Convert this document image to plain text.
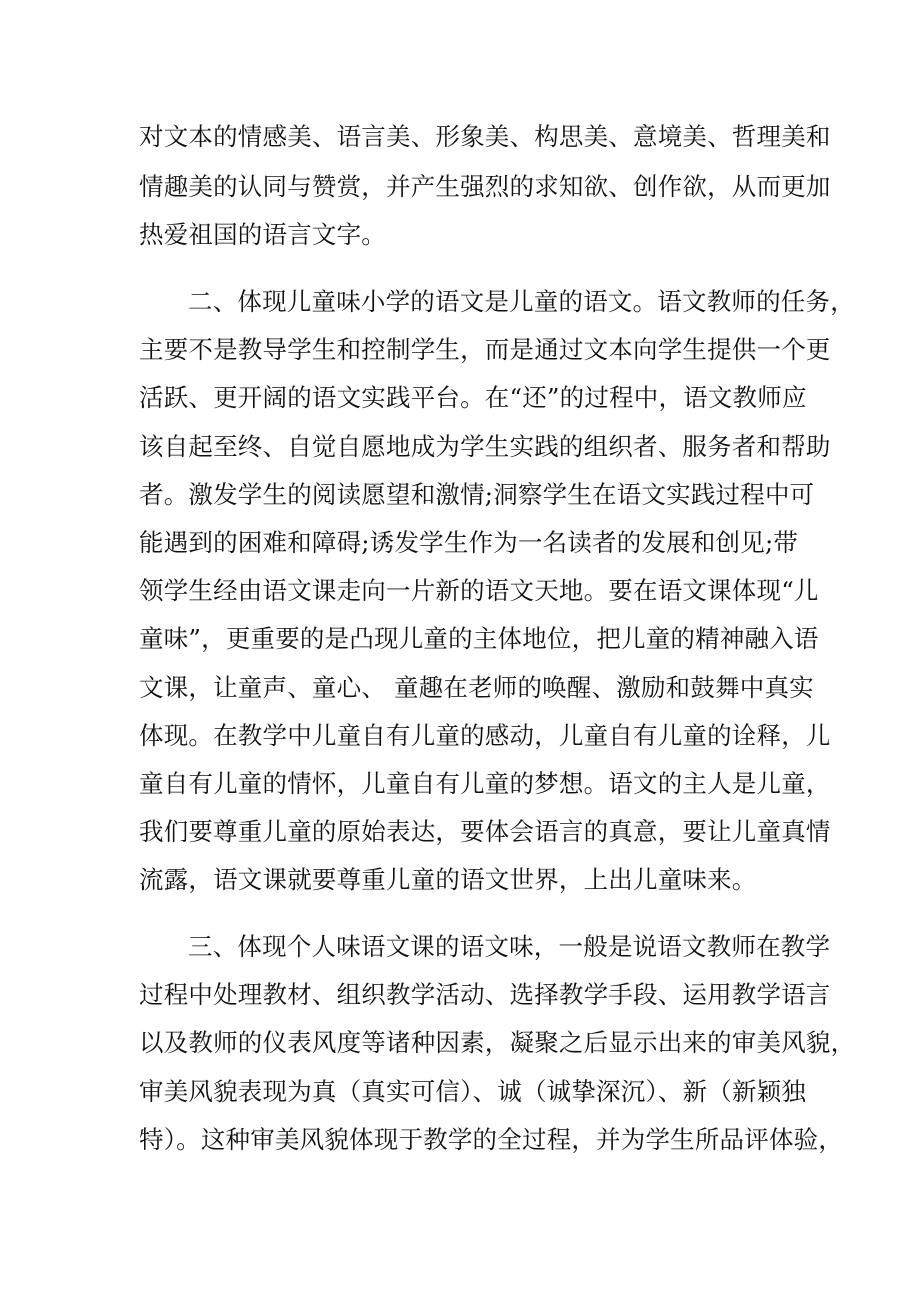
对文本的情感美、语言美、形象美、构思美、意境美、哲理美和
情趣美的认同与赞赏，并产生强烈的求知欲、创作欲，从而更加
热爱祖国的语言文字。
二、体现儿童味小学的语文是儿童的语文。语文教师的任务，
主要不是教导学生和控制学生，而是通过文本向学生提供一个更
活跃、更开阔的语文实践平台。在“还”的过程中，语文教师应
该自起至终、自觉自愿地成为学生实践的组织者、服务者和帮助
者。激发学生的阅读愿望和激情;洞察学生在语文实践过程中可
能遇到的困难和障碍;诱发学生作为一名读者的发展和创见;带
领学生经由语文课走向一片新的语文天地。要在语文课体现“儿
童味”，更重要的是凸现儿童的主体地位，把儿童的精神融入语
文课，让童声、童心、 童趣在老师的唤醒、激励和鼓舞中真实
体现。在教学中儿童自有儿童的感动，儿童自有儿童的诠释，儿
童自有儿童的情怀，儿童自有儿童的梦想。语文的主人是儿童，
我们要尊重儿童的原始表达，要体会语言的真意，要让儿童真情
流露，语文课就要尊重儿童的语文世界，上出儿童味来。
三、体现个人味语文课的语文味，一般是说语文教师在教学
过程中处理教材、组织教学活动、选择教学手段、运用教学语言
以及教师的仪表风度等诸种因素，凝聚之后显示出来的审美风貌，
审美风貌表现为真（真实可信）、诚（诚挚深沉）、新（新颖独
特）。这种审美风貌体现于教学的全过程，并为学生所品评体验，
